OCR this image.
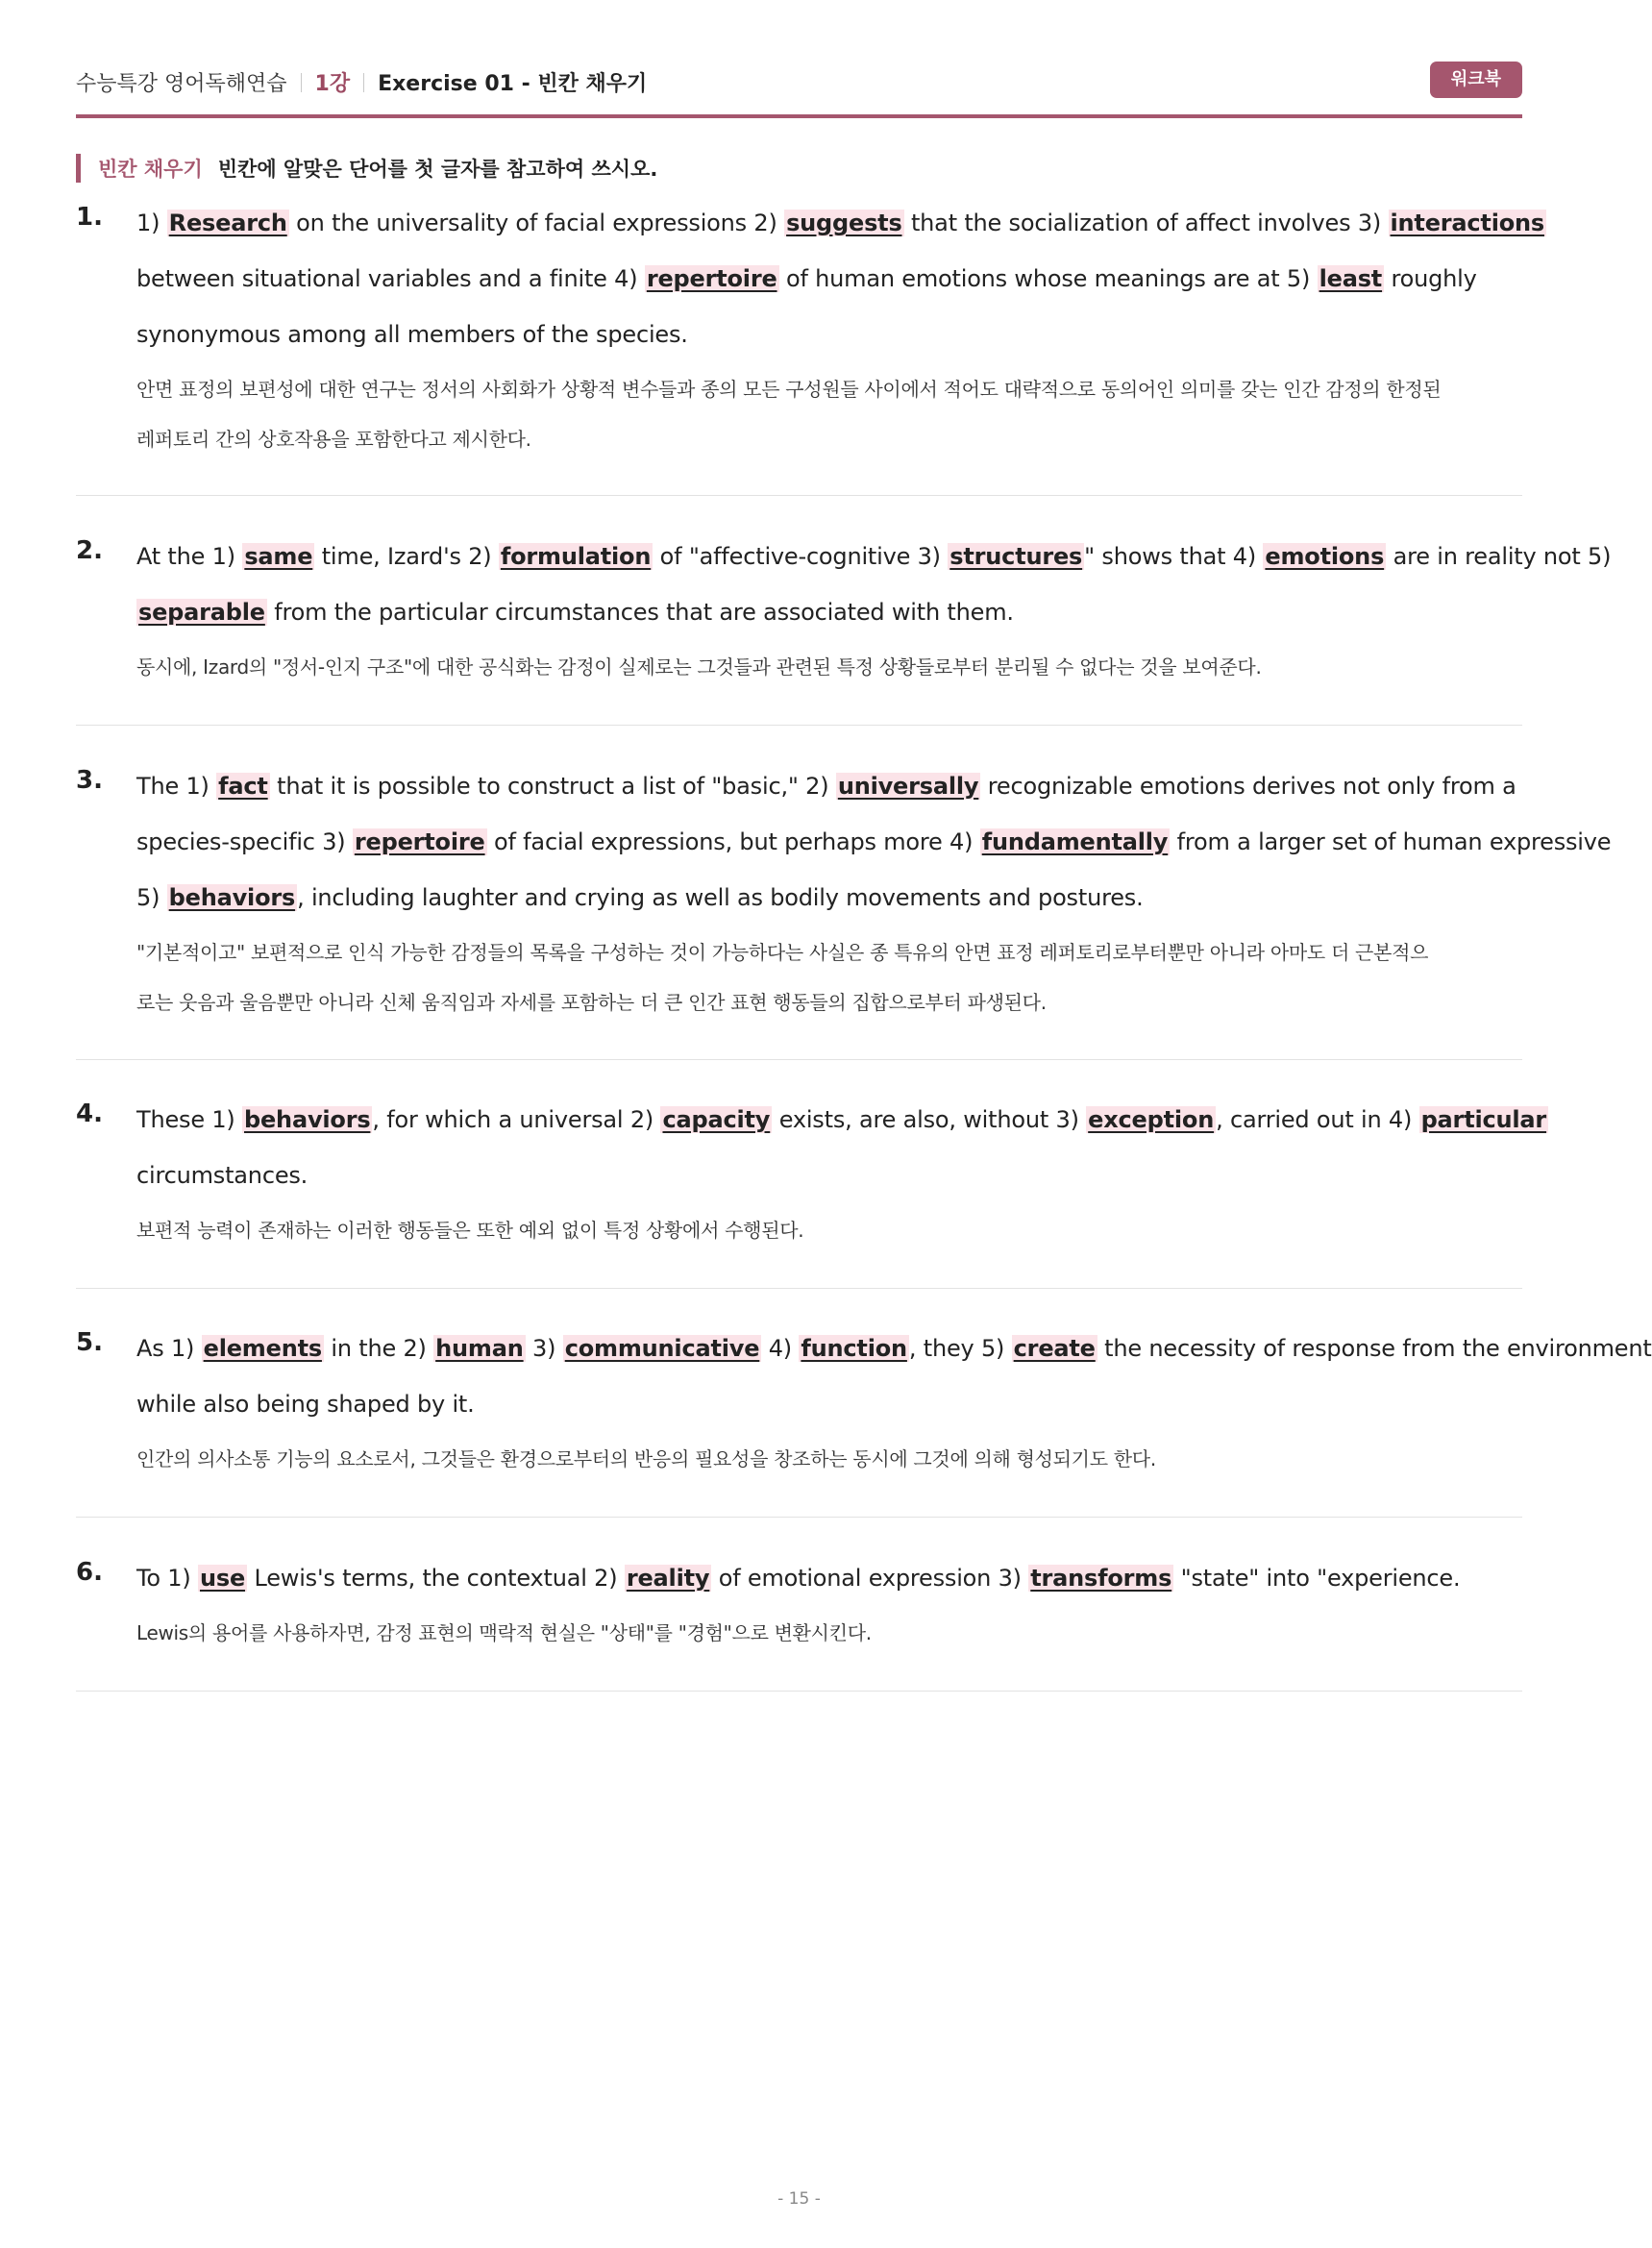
수능특강 영어독해연습 1강 Exercise 01 - 빈칸 채우기	워크북
빈칸 채우기 빈칸에 알맞은 단어를 첫 글자를 참고하여 쓰시오.
1. 1) Research on the universality of facial expressions 2) suggests that the socialization of affect involves 3) interactions
between situational variables and a finite 4) repertoire of human emotions whose meanings are at 5) least roughly
synonymous among all members of the species.
안면 표정의 보편성에 대한 연구는 정서의 사회화가 상황적 변수들과 종의 모든 구성원들 사이에서 적어도 대략적으로 동의어인 의미를 갖는 인간 감정의 한정된
레퍼토리 간의 상호작용을 포함한다고 제시한다.
2. At the 1) same time, Izard's 2) formulation of "affective-cognitive 3) structures" shows that 4) emotions are in reality not 5)
separable from the particular circumstances that are associated with them.
동시에, Izard의 "정서-인지 구조"에 대한 공식화는 감정이 실제로는 그것들과 관련된 특정 상황들로부터 분리될 수 없다는 것을 보여준다.
3. The 1) fact that it is possible to construct a list of "basic," 2) universally recognizable emotions derives not only from a
species-specific 3) repertoire of facial expressions, but perhaps more 4) fundamentally from a larger set of human expressive
5) behaviors, including laughter and crying as well as bodily movements and postures.
"기본적이고" 보편적으로 인식 가능한 감정들의 목록을 구성하는 것이 가능하다는 사실은 종 특유의 안면 표정 레퍼토리로부터뿐만 아니라 아마도 더 근본적으
로는 웃음과 울음뿐만 아니라 신체 움직임과 자세를 포함하는 더 큰 인간 표현 행동들의 집합으로부터 파생된다.
4. These 1) behaviors, for which a universal 2) capacity exists, are also, without 3) exception, carried out in 4) particular
circumstances.
보편적 능력이 존재하는 이러한 행동들은 또한 예외 없이 특정 상황에서 수행된다.
5. As 1) elements in the 2) human 3) communicative 4) function, they 5) create the necessity of response from the environment
while also being shaped by it.
인간의 의사소통 기능의 요소로서, 그것들은 환경으로부터의 반응의 필요성을 창조하는 동시에 그것에 의해 형성되기도 한다.
6. To 1) use Lewis's terms, the contextual 2) reality of emotional expression 3) transforms "state" into "experience.
Lewis의 용어를 사용하자면, 감정 표현의 맥락적 현실은 "상태"를 "경험"으로 변환시킨다.
- 15 -
